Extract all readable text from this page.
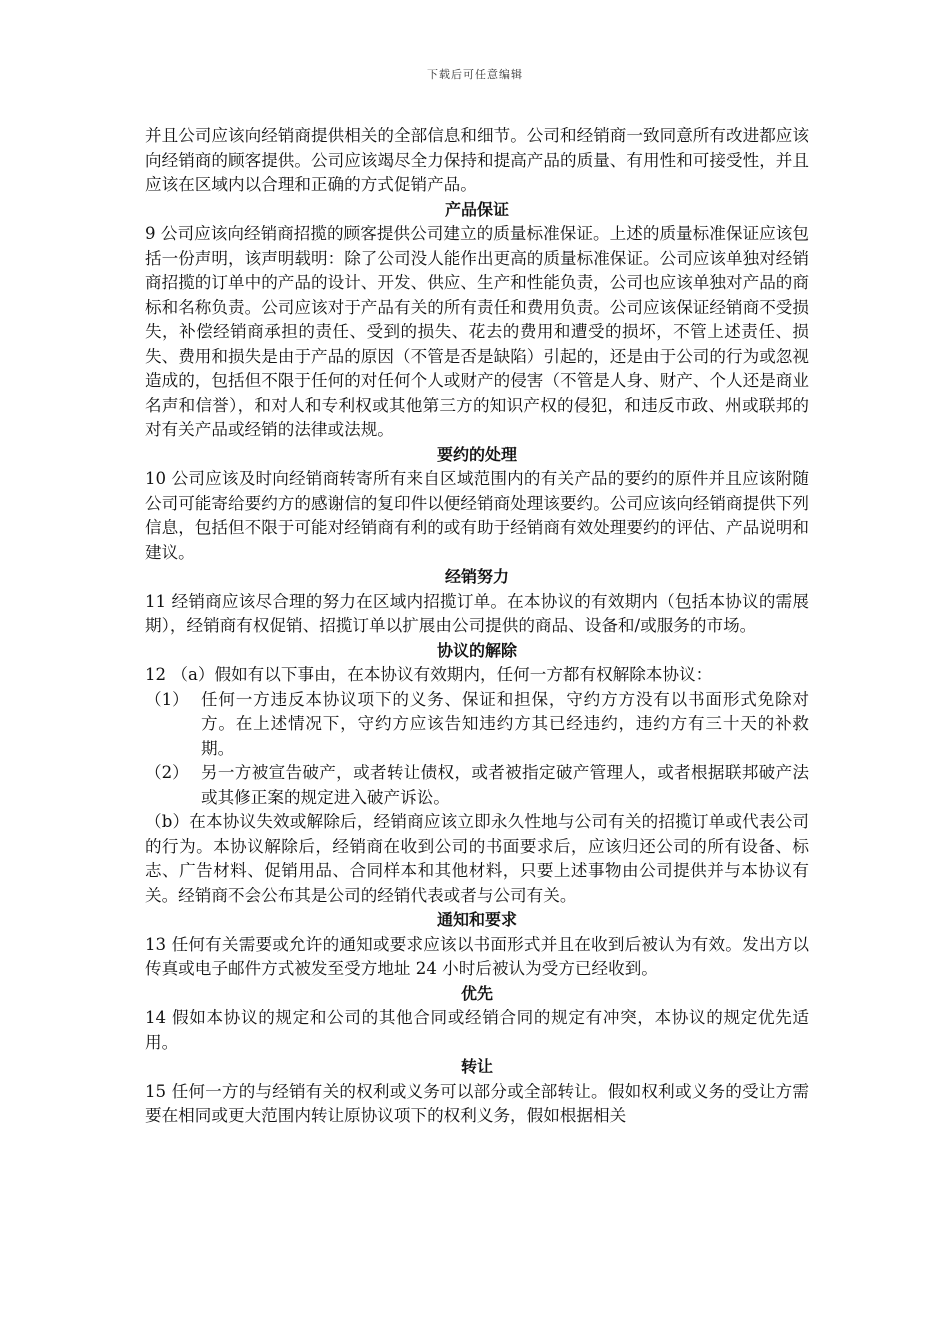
下载后可任意编辑

并且公司应该向经销商提供相关的全部信息和细节。公司和经销商一致同意所有改进都应该向经销商的顾客提供。公司应该竭尽全力保持和提高产品的质量、有用性和可接受性，并且应该在区域内以合理和正确的方式促销产品。

产品保证

9 公司应该向经销商招揽的顾客提供公司建立的质量标准保证。上述的质量标准保证应该包括一份声明，该声明载明：除了公司没人能作出更高的质量标准保证。公司应该单独对经销商招揽的订单中的产品的设计、开发、供应、生产和性能负责，公司也应该单独对产品的商标和名称负责。公司应该对于产品有关的所有责任和费用负责。公司应该保证经销商不受损失，补偿经销商承担的责任、受到的损失、花去的费用和遭受的损坏，不管上述责任、损失、费用和损失是由于产品的原因（不管是否是缺陷）引起的，还是由于公司的行为或忽视造成的，包括但不限于任何的对任何个人或财产的侵害（不管是人身、财产、个人还是商业名声和信誉），和对人和专利权或其他第三方的知识产权的侵犯，和违反市政、州或联邦的对有关产品或经销的法律或法规。

要约的处理

10 公司应该及时向经销商转寄所有来自区域范围内的有关产品的要约的原件并且应该附随公司可能寄给要约方的感谢信的复印件以便经销商处理该要约。公司应该向经销商提供下列信息，包括但不限于可能对经销商有利的或有助于经销商有效处理要约的评估、产品说明和建议。

经销努力

11 经销商应该尽合理的努力在区域内招揽订单。在本协议的有效期内（包括本协议的需展期），经销商有权促销、招揽订单以扩展由公司提供的商品、设备和/或服务的市场。

协议的解除

12 （a）假如有以下事由，在本协议有效期内，任何一方都有权解除本协议：

（1） 任何一方违反本协议项下的义务、保证和担保，守约方方没有以书面形式免除对方。在上述情况下，守约方应该告知违约方其已经违约，违约方有三十天的补救期。
（2） 另一方被宣告破产，或者转让债权，或者被指定破产管理人，或者根据联邦破产法或其修正案的规定进入破产诉讼。

（b）在本协议失效或解除后，经销商应该立即永久性地与公司有关的招揽订单或代表公司的行为。本协议解除后，经销商在收到公司的书面要求后，应该归还公司的所有设备、标志、广告材料、促销用品、合同样本和其他材料，只要上述事物由公司提供并与本协议有关。经销商不会公布其是公司的经销代表或者与公司有关。

通知和要求

13 任何有关需要或允许的通知或要求应该以书面形式并且在收到后被认为有效。发出方以传真或电子邮件方式被发至受方地址 24 小时后被认为受方已经收到。

优先

14 假如本协议的规定和公司的其他合同或经销合同的规定有冲突，本协议的规定优先适用。

转让

15 任何一方的与经销有关的权利或义务可以部分或全部转让。假如权利或义务的受让方需要在相同或更大范围内转让原协议项下的权利义务，假如根据相关
